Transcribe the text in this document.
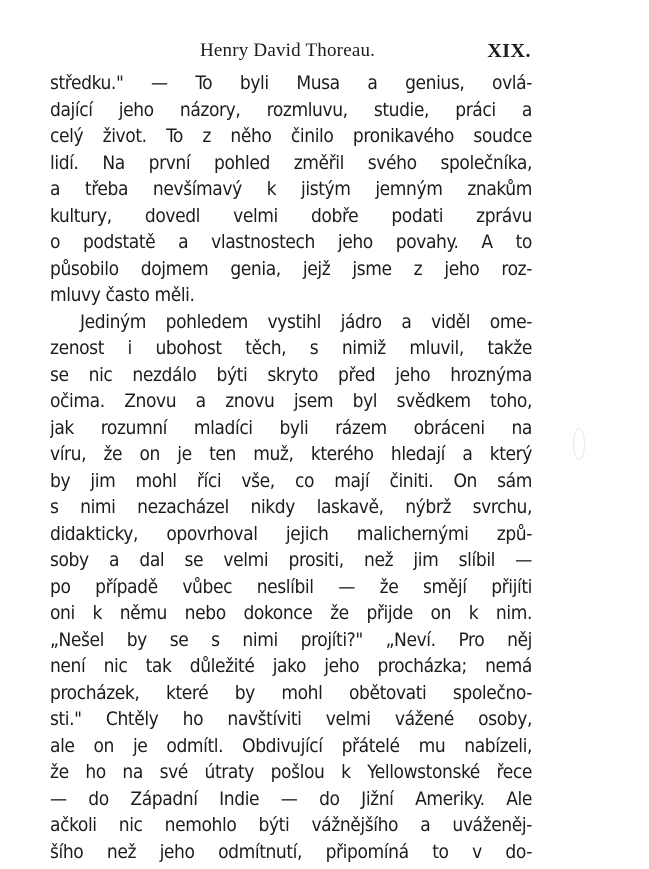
Henry David Thoreau.	XIX.
středku." — To byli Musa a genius, ovlá-
dající jeho názory, rozmluvu, studie, práci a
celý život. To z něho činilo pronikavého soudce
lidí. Na první pohled změřil svého společníka,
a třeba nevšímavý k jistým jemným znakům
kultury, dovedl velmi dobře podati zprávu
o podstatě a vlastnostech jeho povahy. A to
působilo dojmem genia, jejž jsme z jeho roz-
mluvy často měli.
Jediným pohledem vystihl jádro a viděl ome-
zenost i ubohost těch, s nimiž mluvil, takže
se nic nezdálo býti skryto před jeho hroznýma
očima. Znovu a znovu jsem byl svědkem toho,
jak rozumní mladíci byli rázem obráceni na
víru, že on je ten muž, kterého hledají a který
by jim mohl říci vše, co mají činiti. On sám
s nimi nezacházel nikdy laskavě, nýbrž svrchu,
didakticky, opovrhoval jejich malichernými způ-
soby a dal se velmi prositi, než jim slíbil —
po případě vůbec neslíbil — že smějí přijíti
oni k němu nebo dokonce že přijde on k nim.
„Nešel by se s nimi projíti?" „Neví. Pro něj
není nic tak důležité jako jeho procházka; nemá
procházek, které by mohl obětovati společno-
sti." Chtěly ho navštíviti velmi vážené osoby,
ale on je odmítl. Obdivující přátelé mu nabízeli,
že ho na své útraty pošlou k Yellowstonské řece
— do Západní Indie — do Jižní Ameriky. Ale
ačkoli nic nemohlo býti vážnějšího a uváženěj-
šího než jeho odmítnutí, připomíná to v do-
